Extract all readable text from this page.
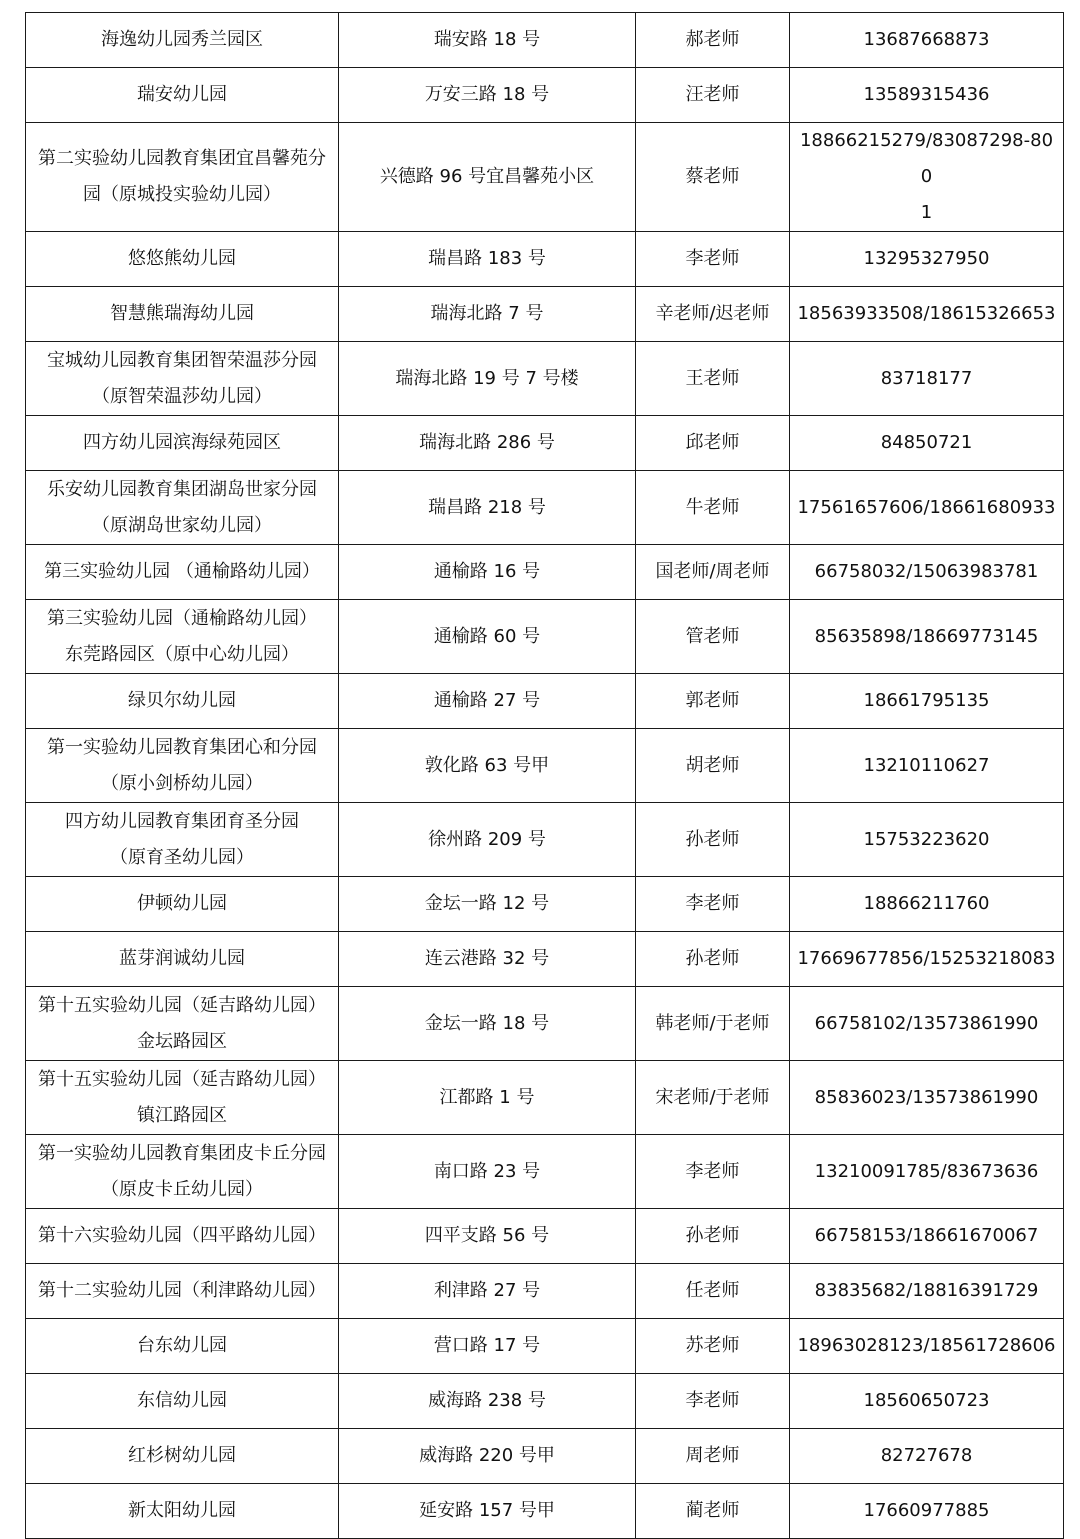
海逸幼儿园秀兰园区	瑞安路 18 号	郝老师	13687668873

瑞安幼儿园	万安三路 18 号	汪老师	13589315436

第二实验幼儿园教育集团宜昌馨苑分
园（原城投实验幼儿园）	兴德路 96 号宜昌馨苑小区	蔡老师	18866215279/83087298-800
1

悠悠熊幼儿园	瑞昌路 183 号	李老师	13295327950

智慧熊瑞海幼儿园	瑞海北路 7 号	辛老师/迟老师	18563933508/18615326653

宝城幼儿园教育集团智荣温莎分园
（原智荣温莎幼儿园）	瑞海北路 19 号 7 号楼	王老师	83718177

四方幼儿园滨海绿苑园区	瑞海北路 286 号	邱老师	84850721

乐安幼儿园教育集团湖岛世家分园
（原湖岛世家幼儿园）	瑞昌路 218 号	牛老师	17561657606/18661680933

第三实验幼儿园 （通榆路幼儿园）	通榆路 16 号	国老师/周老师	66758032/15063983781

第三实验幼儿园（通榆路幼儿园）
东莞路园区（原中心幼儿园）	通榆路 60 号	管老师	85635898/18669773145

绿贝尔幼儿园	通榆路 27 号	郭老师	18661795135

第一实验幼儿园教育集团心和分园
（原小剑桥幼儿园）	敦化路 63 号甲	胡老师	13210110627

四方幼儿园教育集团育圣分园
（原育圣幼儿园）	徐州路 209 号	孙老师	15753223620

伊顿幼儿园	金坛一路 12 号	李老师	18866211760

蓝芽润诚幼儿园	连云港路 32 号	孙老师	17669677856/15253218083

第十五实验幼儿园（延吉路幼儿园）
金坛路园区	金坛一路 18 号	韩老师/于老师	66758102/13573861990

第十五实验幼儿园（延吉路幼儿园）
镇江路园区	江都路 1 号	宋老师/于老师	85836023/13573861990

第一实验幼儿园教育集团皮卡丘分园
（原皮卡丘幼儿园）	南口路 23 号	李老师	13210091785/83673636

第十六实验幼儿园（四平路幼儿园）	四平支路 56 号	孙老师	66758153/18661670067

第十二实验幼儿园（利津路幼儿园）	利津路 27 号	任老师	83835682/18816391729

台东幼儿园	营口路 17 号	苏老师	18963028123/18561728606

东信幼儿园	威海路 238 号	李老师	18560650723

红杉树幼儿园	威海路 220 号甲	周老师	82727678

新太阳幼儿园	延安路 157 号甲	蔺老师	17660977885
